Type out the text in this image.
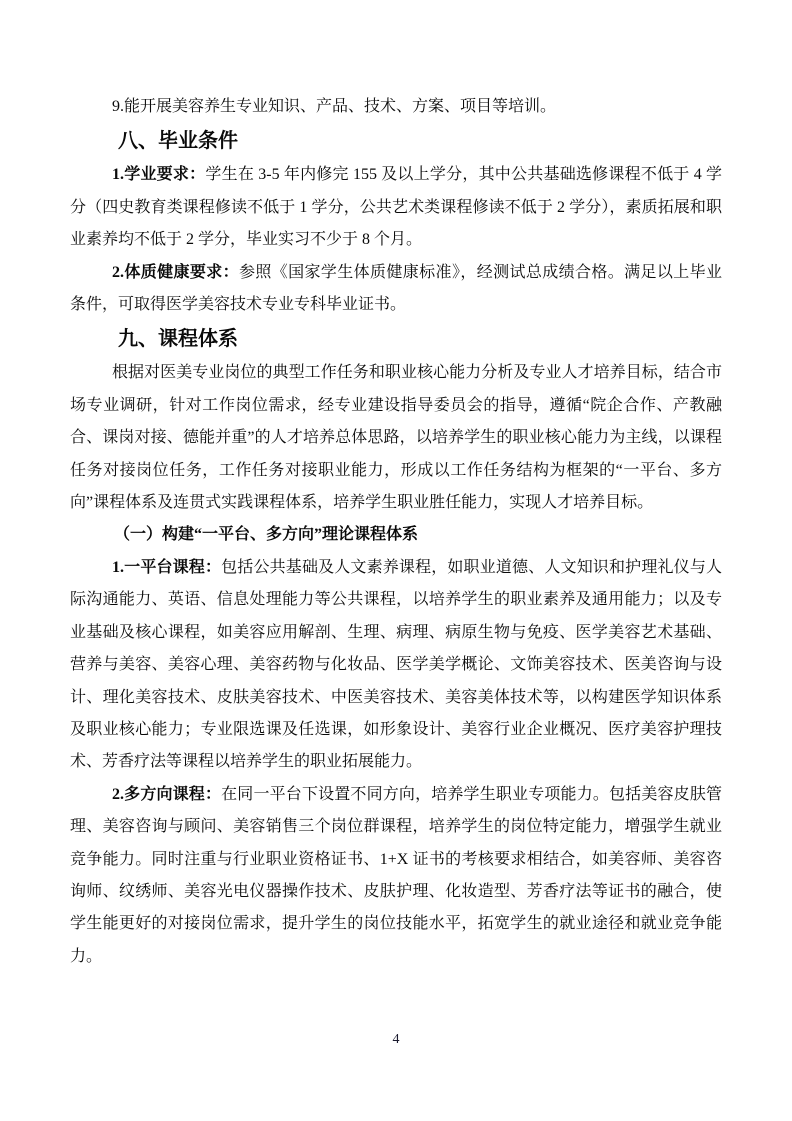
9.能开展美容养生专业知识、产品、技术、方案、项目等培训。

八、毕业条件

1.学业要求：学生在 3-5 年内修完 155 及以上学分，其中公共基础选修课程不低于 4 学分（四史教育类课程修读不低于 1 学分，公共艺术类课程修读不低于 2 学分），素质拓展和职业素养均不低于 2 学分，毕业实习不少于 8 个月。

2.体质健康要求：参照《国家学生体质健康标准》，经测试总成绩合格。满足以上毕业条件，可取得医学美容技术专业专科毕业证书。

九、课程体系

根据对医美专业岗位的典型工作任务和职业核心能力分析及专业人才培养目标，结合市场专业调研，针对工作岗位需求，经专业建设指导委员会的指导，遵循“院企合作、产教融合、课岗对接、德能并重”的人才培养总体思路，以培养学生的职业核心能力为主线，以课程任务对接岗位任务，工作任务对接职业能力，形成以工作任务结构为框架的“一平台、多方向”课程体系及连贯式实践课程体系，培养学生职业胜任能力，实现人才培养目标。

（一）构建“一平台、多方向”理论课程体系

1.一平台课程：包括公共基础及人文素养课程，如职业道德、人文知识和护理礼仪与人际沟通能力、英语、信息处理能力等公共课程，以培养学生的职业素养及通用能力；以及专业基础及核心课程，如美容应用解剖、生理、病理、病原生物与免疫、医学美容艺术基础、营养与美容、美容心理、美容药物与化妆品、医学美学概论、文饰美容技术、医美咨询与设计、理化美容技术、皮肤美容技术、中医美容技术、美容美体技术等，以构建医学知识体系及职业核心能力；专业限选课及任选课，如形象设计、美容行业企业概况、医疗美容护理技术、芳香疗法等课程以培养学生的职业拓展能力。

2.多方向课程：在同一平台下设置不同方向，培养学生职业专项能力。包括美容皮肤管理、美容咨询与顾问、美容销售三个岗位群课程，培养学生的岗位特定能力，增强学生就业竞争能力。同时注重与行业职业资格证书、1+X 证书的考核要求相结合，如美容师、美容咨询师、纹绣师、美容光电仪器操作技术、皮肤护理、化妆造型、芳香疗法等证书的融合，使学生能更好的对接岗位需求，提升学生的岗位技能水平，拓宽学生的就业途径和就业竞争能力。

4
